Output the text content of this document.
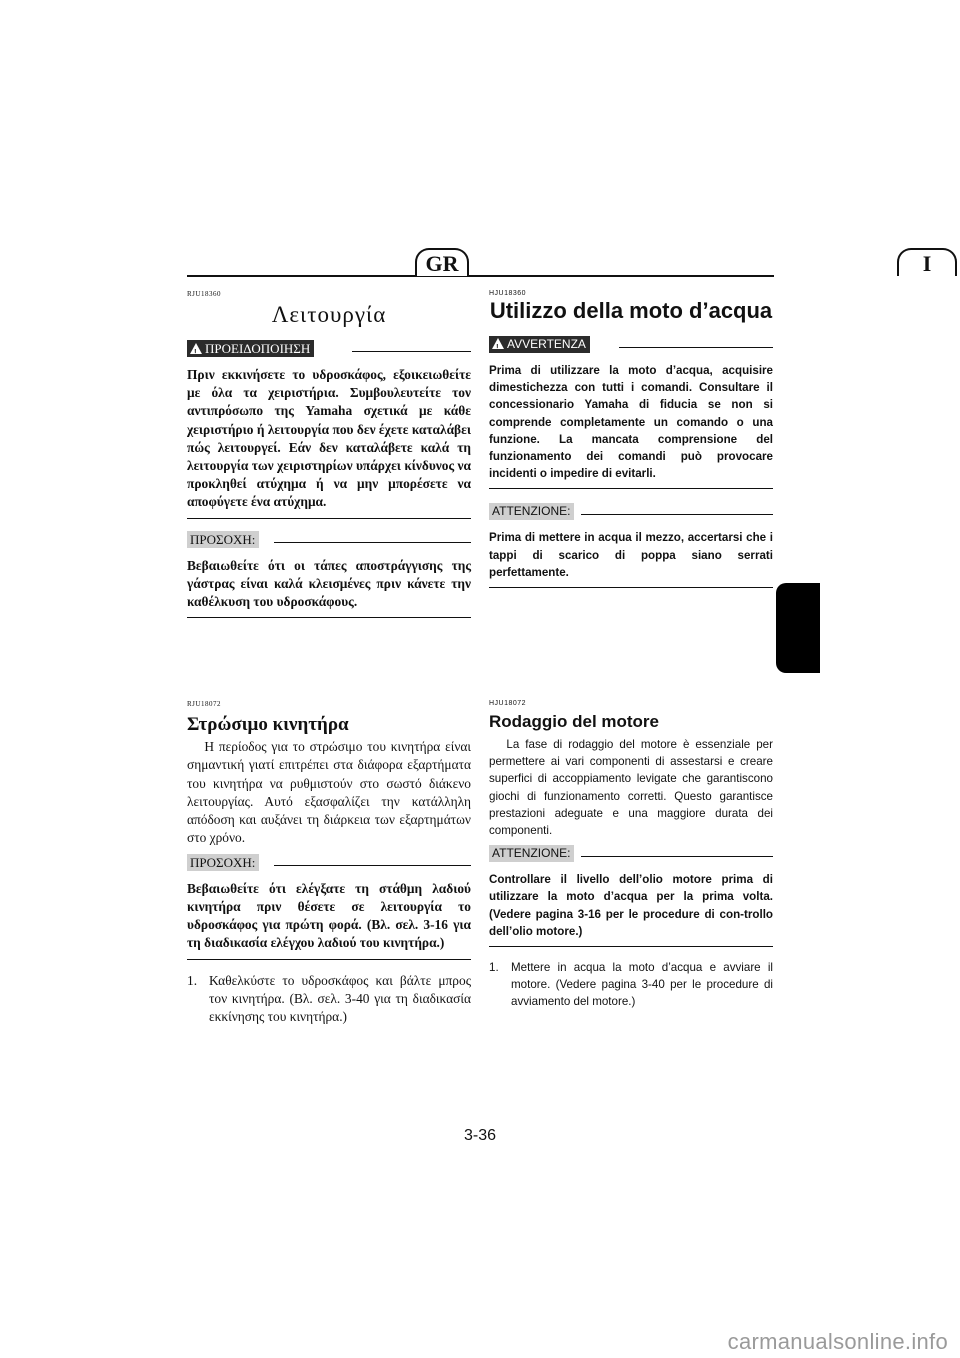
GR	I
RJU18360
Λειτουργία
!ΠΡΟΕΙΔΟΠΟΙΗΣΗ
Πριν εκκινήσετε το υδροσκάφος, εξοικειωθείτε με όλα τα χειριστήρια. Συμβουλευτείτε τον αντιπρόσωπο της Yamaha σχετικά με κάθε χειριστήριο ή λειτουργία που δεν έχετε καταλάβει πώς λειτουργεί. Εάν δεν καταλάβετε καλά τη λειτουργία των χειριστηρίων υπάρχει κίνδυνος να προκληθεί ατύχημα ή να μην μπορέσετε να αποφύγετε ένα ατύχημα.
ΠΡΟΣΟΧΗ:
Βεβαιωθείτε ότι οι τάπες αποστράγγισης της γάστρας είναι καλά κλεισμένες πριν κάνετε την καθέλκυση του υδροσκάφους.
HJU18360
Utilizzo della moto d’acqua
!AVVERTENZA
Prima di utilizzare la moto d’acqua, acquisire dimestichezza con tutti i comandi. Consultare il concessionario Yamaha di fiducia se non si comprende completamente un comando o una funzione. La mancata comprensione del funzionamento dei comandi può provocare incidenti o impedire di evitarli.
ATTENZIONE:
Prima di mettere in acqua il mezzo, accertarsi che i tappi di scarico di poppa siano serrati perfettamente.
RJU18072
Στρώσιμο κινητήρα
Η περίοδος για το στρώσιμο του κινητήρα είναι σημαντική γιατί επιτρέπει στα διάφορα εξαρτήματα του κινητήρα να ρυθμιστούν στο σωστό διάκενο λειτουργίας. Αυτό εξασφαλίζει την κατάλληλη απόδοση και αυξάνει τη διάρκεια των εξαρτημάτων στο χρόνο.
ΠΡΟΣΟΧΗ:
Βεβαιωθείτε ότι ελέγξατε τη στάθμη λαδιού κινητήρα πριν θέσετε σε λειτουργία το υδροσκάφος για πρώτη φορά. (Βλ. σελ. 3-16 για τη διαδικασία ελέγχου λαδιού του κινητήρα.)
1. Καθελκύστε το υδροσκάφος και βάλτε μπρος τον κινητήρα. (Βλ. σελ. 3-40 για τη διαδικασία εκκίνησης του κινητήρα.)
HJU18072
Rodaggio del motore
La fase di rodaggio del motore è essenziale per permettere ai vari componenti di assestarsi e creare superfici di accoppiamento levigate che garantiscono giochi di funzionamento corretti. Questo garantisce prestazioni adeguate e una maggiore durata dei componenti.
ATTENZIONE:
Controllare il livello dell’olio motore prima di utilizzare la moto d’acqua per la prima volta. (Vedere pagina 3-16 per le procedure di con-trollo dell’olio motore.)
1.	Mettere in acqua la moto d’acqua e avviare il motore. (Vedere pagina 3-40 per le procedure di avviamento del motore.)
3-36
carmanualsonline.info
